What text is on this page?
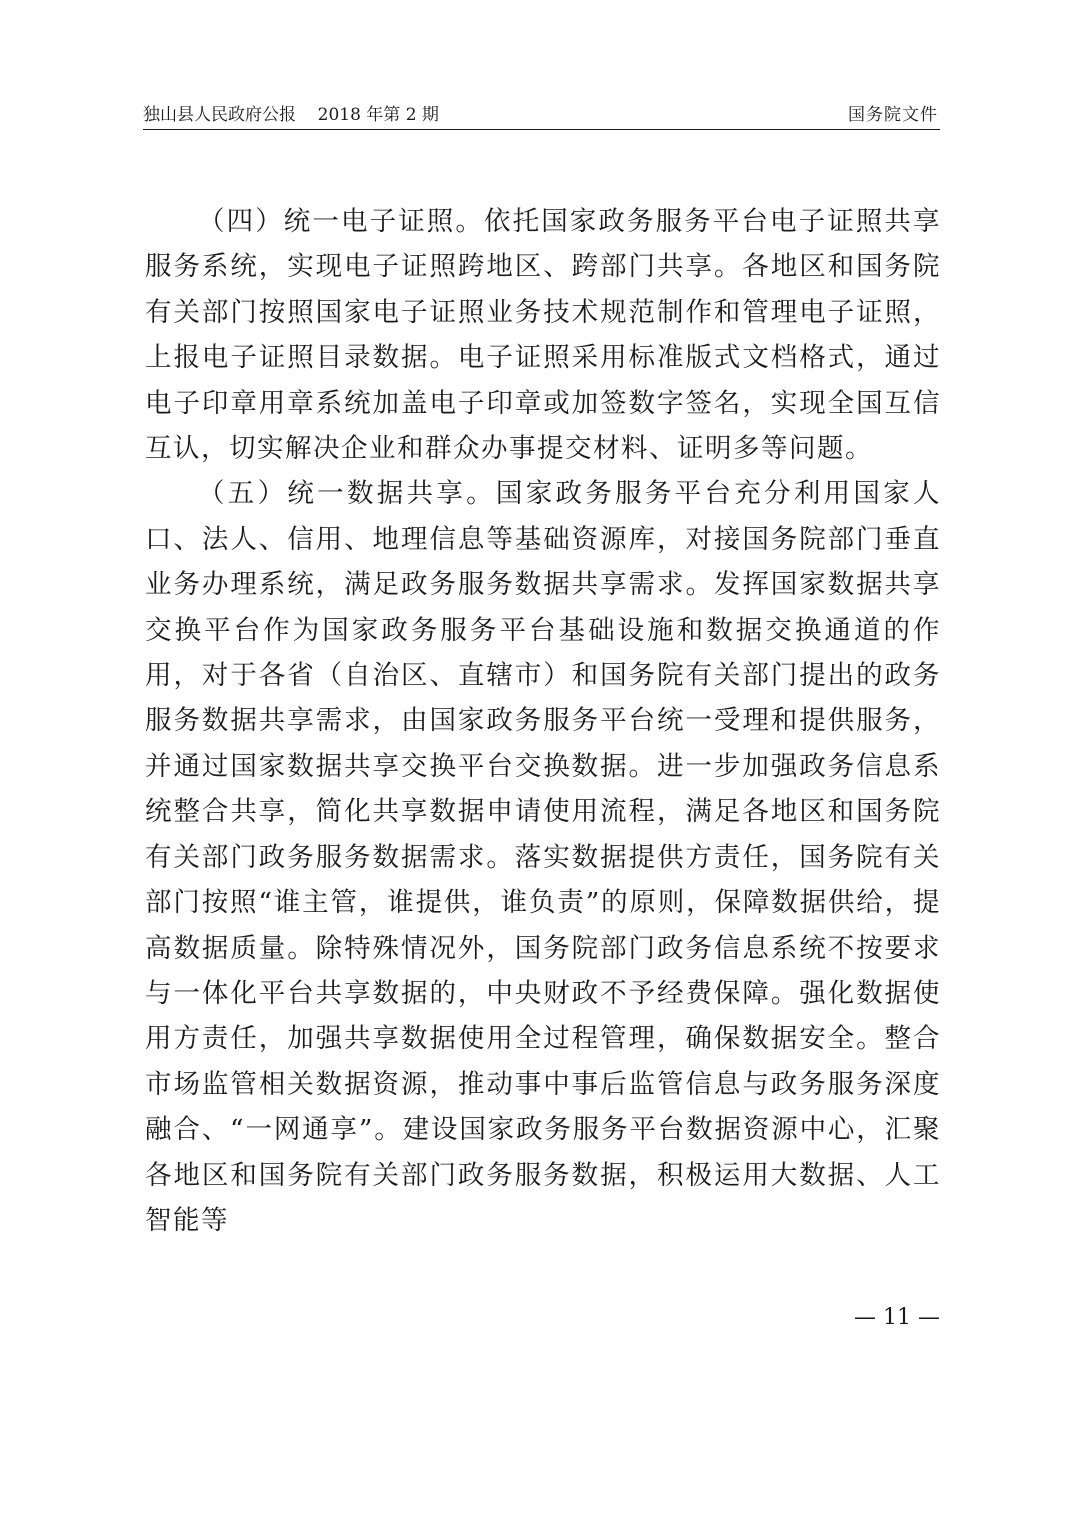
独山县人民政府公报 2018 年第 2 期	国务院文件

（四）统一电子证照。依托国家政务服务平台电子证照共享服务系统，实现电子证照跨地区、跨部门共享。各地区和国务院有关部门按照国家电子证照业务技术规范制作和管理电子证照，上报电子证照目录数据。电子证照采用标准版式文档格式，通过电子印章用章系统加盖电子印章或加签数字签名，实现全国互信互认，切实解决企业和群众办事提交材料、证明多等问题。

（五）统一数据共享。国家政务服务平台充分利用国家人口、法人、信用、地理信息等基础资源库，对接国务院部门垂直业务办理系统，满足政务服务数据共享需求。发挥国家数据共享交换平台作为国家政务服务平台基础设施和数据交换通道的作用，对于各省（自治区、直辖市）和国务院有关部门提出的政务服务数据共享需求，由国家政务服务平台统一受理和提供服务，并通过国家数据共享交换平台交换数据。进一步加强政务信息系统整合共享，简化共享数据申请使用流程，满足各地区和国务院有关部门政务服务数据需求。落实数据提供方责任，国务院有关部门按照“谁主管，谁提供，谁负责”的原则，保障数据供给，提高数据质量。除特殊情况外，国务院部门政务信息系统不按要求与一体化平台共享数据的，中央财政不予经费保障。强化数据使用方责任，加强共享数据使用全过程管理，确保数据安全。整合市场监管相关数据资源，推动事中事后监管信息与政务服务深度融合、“一网通享”。建设国家政务服务平台数据资源中心，汇聚各地区和国务院有关部门政务服务数据，积极运用大数据、人工智能等

— 11 —
